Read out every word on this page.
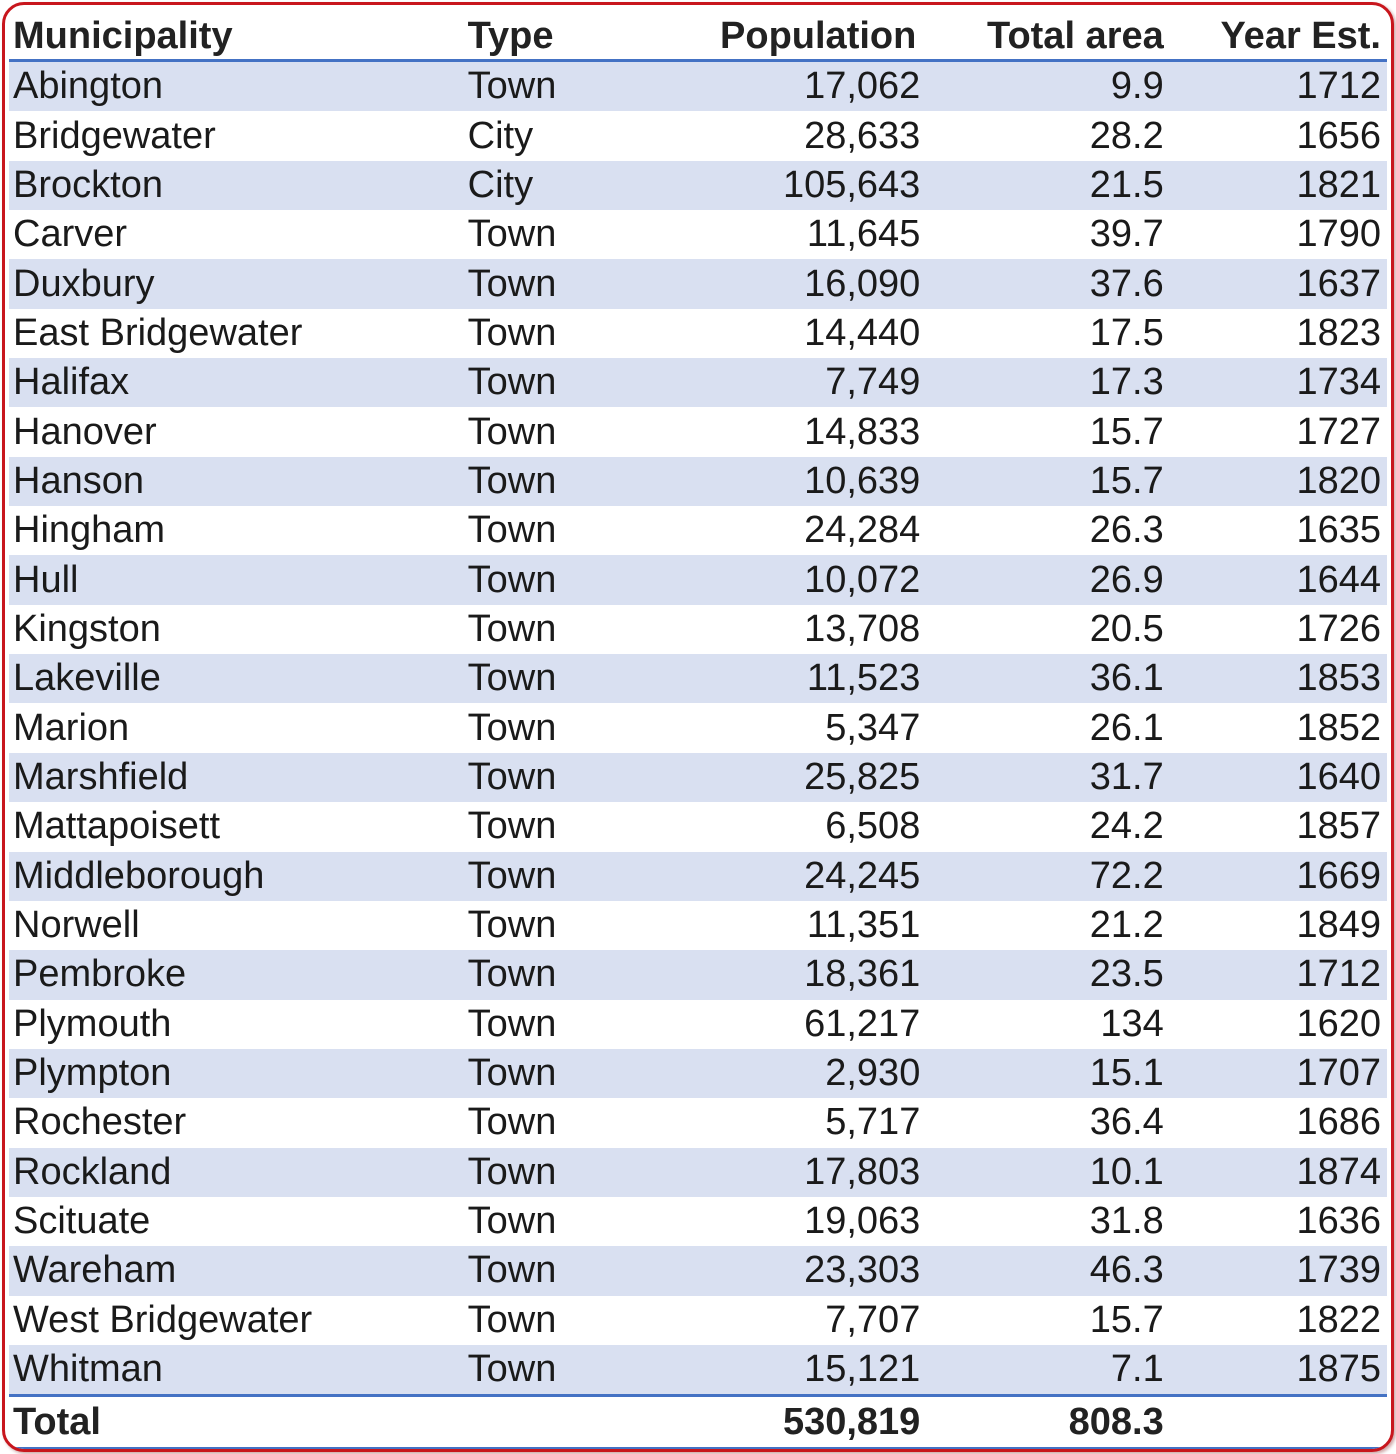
Municipality	Type	Population	Total area	Year Est.
Abington	Town	17,062	9.9	1712
Bridgewater	City	28,633	28.2	1656
Brockton	City	105,643	21.5	1821
Carver	Town	11,645	39.7	1790
Duxbury	Town	16,090	37.6	1637
East Bridgewater	Town	14,440	17.5	1823
Halifax	Town	7,749	17.3	1734
Hanover	Town	14,833	15.7	1727
Hanson	Town	10,639	15.7	1820
Hingham	Town	24,284	26.3	1635
Hull	Town	10,072	26.9	1644
Kingston	Town	13,708	20.5	1726
Lakeville	Town	11,523	36.1	1853
Marion	Town	5,347	26.1	1852
Marshfield	Town	25,825	31.7	1640
Mattapoisett	Town	6,508	24.2	1857
Middleborough	Town	24,245	72.2	1669
Norwell	Town	11,351	21.2	1849
Pembroke	Town	18,361	23.5	1712
Plymouth	Town	61,217	134	1620
Plympton	Town	2,930	15.1	1707
Rochester	Town	5,717	36.4	1686
Rockland	Town	17,803	10.1	1874
Scituate	Town	19,063	31.8	1636
Wareham	Town	23,303	46.3	1739
West Bridgewater	Town	7,707	15.7	1822
Whitman	Town	15,121	7.1	1875
Total		530,819	808.3	
